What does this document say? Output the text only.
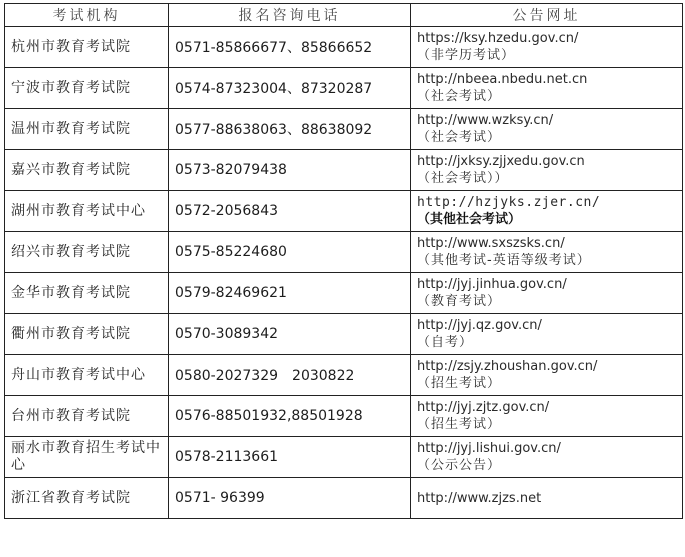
考试机构	报名咨询电话	公告网址
杭州市教育考试院	0571-85866677、85866652	https://ksy.hzedu.gov.cn/
（非学历考试）

宁波市教育考试院	0574-87323004、87320287	http://nbeea.nbedu.net.cn
（社会考试）

温州市教育考试院	0577-88638063、88638092	http://www.wzksy.cn/
（社会考试）

嘉兴市教育考试院	0573-82079438	http://jxksy.zjjxedu.gov.cn
（社会考试））

湖州市教育考试中心	0572-2056843	http://hzjyks.zjer.cn/
（其他社会考试）

绍兴市教育考试院	0575-85224680	http://www.sxszsks.cn/
（其他考试-英语等级考试）

金华市教育考试院	0579-82469621	http://jyj.jinhua.gov.cn/
（教育考试）

衢州市教育考试院	0570-3089342	http://jyj.qz.gov.cn/
（自考）

舟山市教育考试中心	0580-2027329　2030822	http://zsjy.zhoushan.gov.cn/
（招生考试）

台州市教育考试院	0576-88501932,88501928	http://jyj.zjtz.gov.cn/
（招生考试）

丽水市教育招生考试中心	0578-2113661	http://jyj.lishui.gov.cn/
（公示公告）

浙江省教育考试院	0571- 96399	http://www.zjzs.net
